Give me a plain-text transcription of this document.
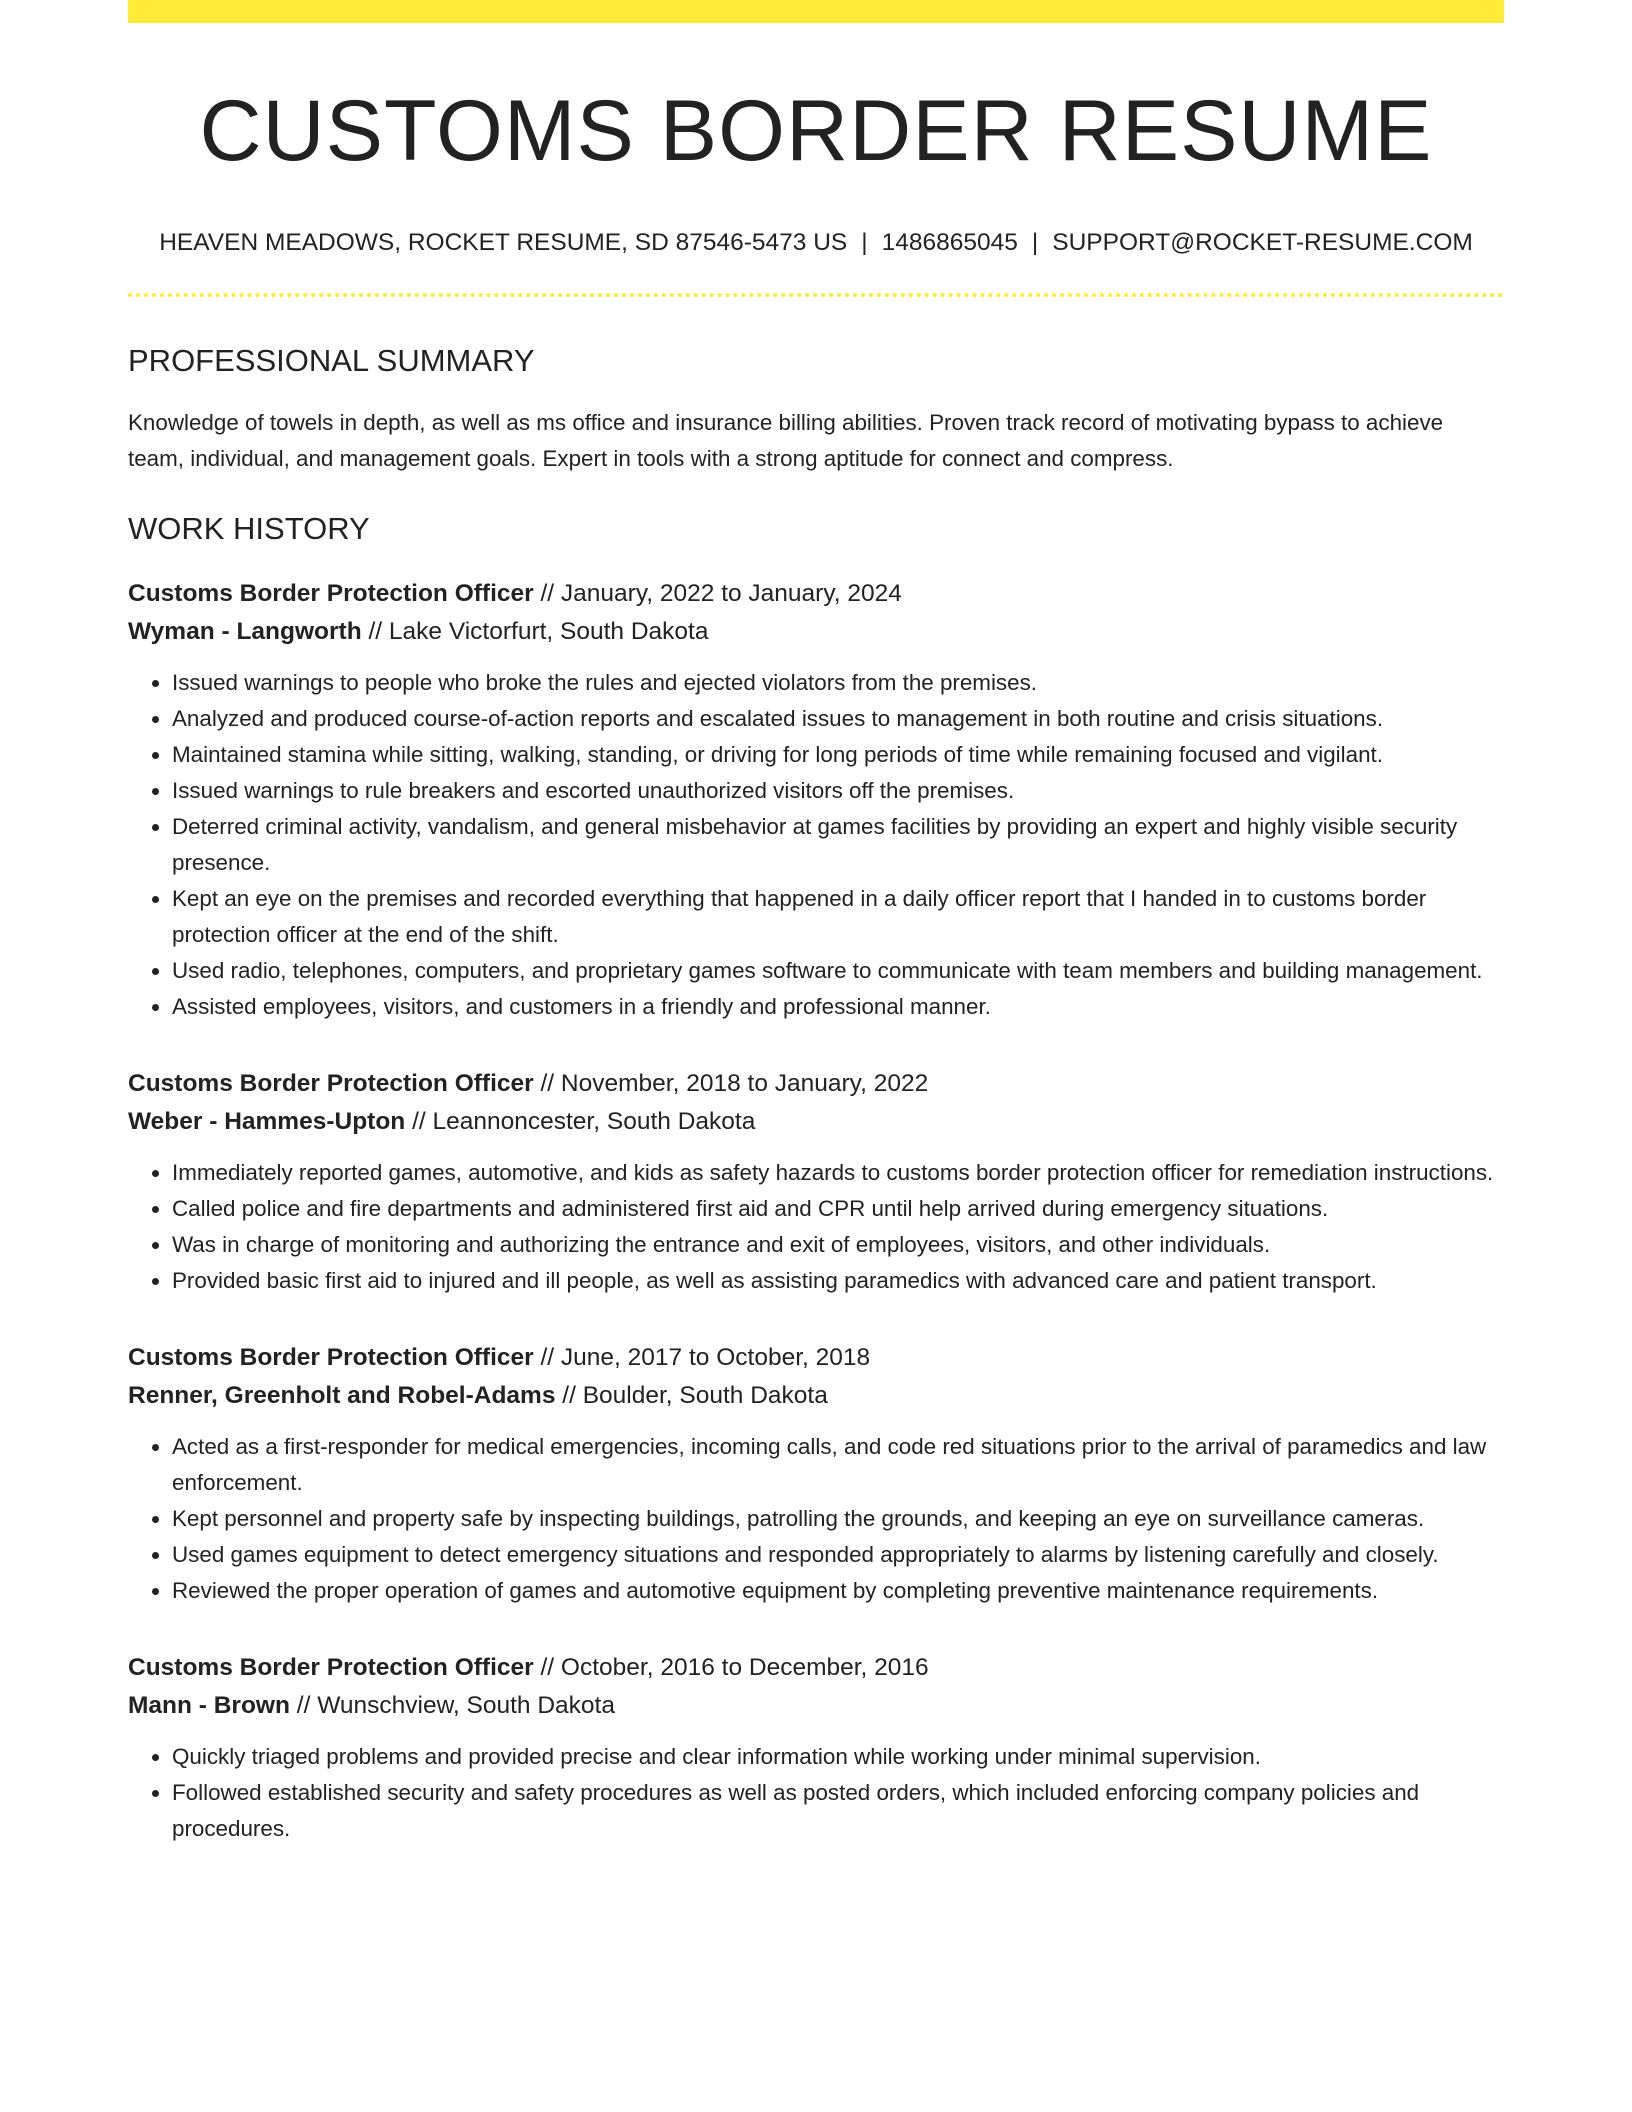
CUSTOMS BORDER RESUME
HEAVEN MEADOWS, ROCKET RESUME, SD 87546-5473 US | 1486865045 | SUPPORT@ROCKET-RESUME.COM
PROFESSIONAL SUMMARY

Knowledge of towels in depth, as well as ms office and insurance billing abilities. Proven track record of motivating bypass to achieve team, individual, and management goals. Expert in tools with a strong aptitude for connect and compress.

WORK HISTORY
Customs Border Protection Officer // January, 2022 to January, 2024
Wyman - Langworth // Lake Victorfurt, South Dakota
• Issued warnings to people who broke the rules and ejected violators from the premises.
• Analyzed and produced course-of-action reports and escalated issues to management in both routine and crisis situations.
• Maintained stamina while sitting, walking, standing, or driving for long periods of time while remaining focused and vigilant.
• Issued warnings to rule breakers and escorted unauthorized visitors off the premises.
• Deterred criminal activity, vandalism, and general misbehavior at games facilities by providing an expert and highly visible security presence.
• Kept an eye on the premises and recorded everything that happened in a daily officer report that I handed in to customs border protection officer at the end of the shift.
• Used radio, telephones, computers, and proprietary games software to communicate with team members and building management.
• Assisted employees, visitors, and customers in a friendly and professional manner.
Customs Border Protection Officer // November, 2018 to January, 2022
Weber - Hammes-Upton // Leannoncester, South Dakota
• Immediately reported games, automotive, and kids as safety hazards to customs border protection officer for remediation instructions.
• Called police and fire departments and administered first aid and CPR until help arrived during emergency situations.
• Was in charge of monitoring and authorizing the entrance and exit of employees, visitors, and other individuals.
• Provided basic first aid to injured and ill people, as well as assisting paramedics with advanced care and patient transport.
Customs Border Protection Officer // June, 2017 to October, 2018
Renner, Greenholt and Robel-Adams // Boulder, South Dakota
• Acted as a first-responder for medical emergencies, incoming calls, and code red situations prior to the arrival of paramedics and law enforcement.
• Kept personnel and property safe by inspecting buildings, patrolling the grounds, and keeping an eye on surveillance cameras.
• Used games equipment to detect emergency situations and responded appropriately to alarms by listening carefully and closely.
• Reviewed the proper operation of games and automotive equipment by completing preventive maintenance requirements.
Customs Border Protection Officer // October, 2016 to December, 2016
Mann - Brown // Wunschview, South Dakota
• Quickly triaged problems and provided precise and clear information while working under minimal supervision.
• Followed established security and safety procedures as well as posted orders, which included enforcing company policies and procedures.
